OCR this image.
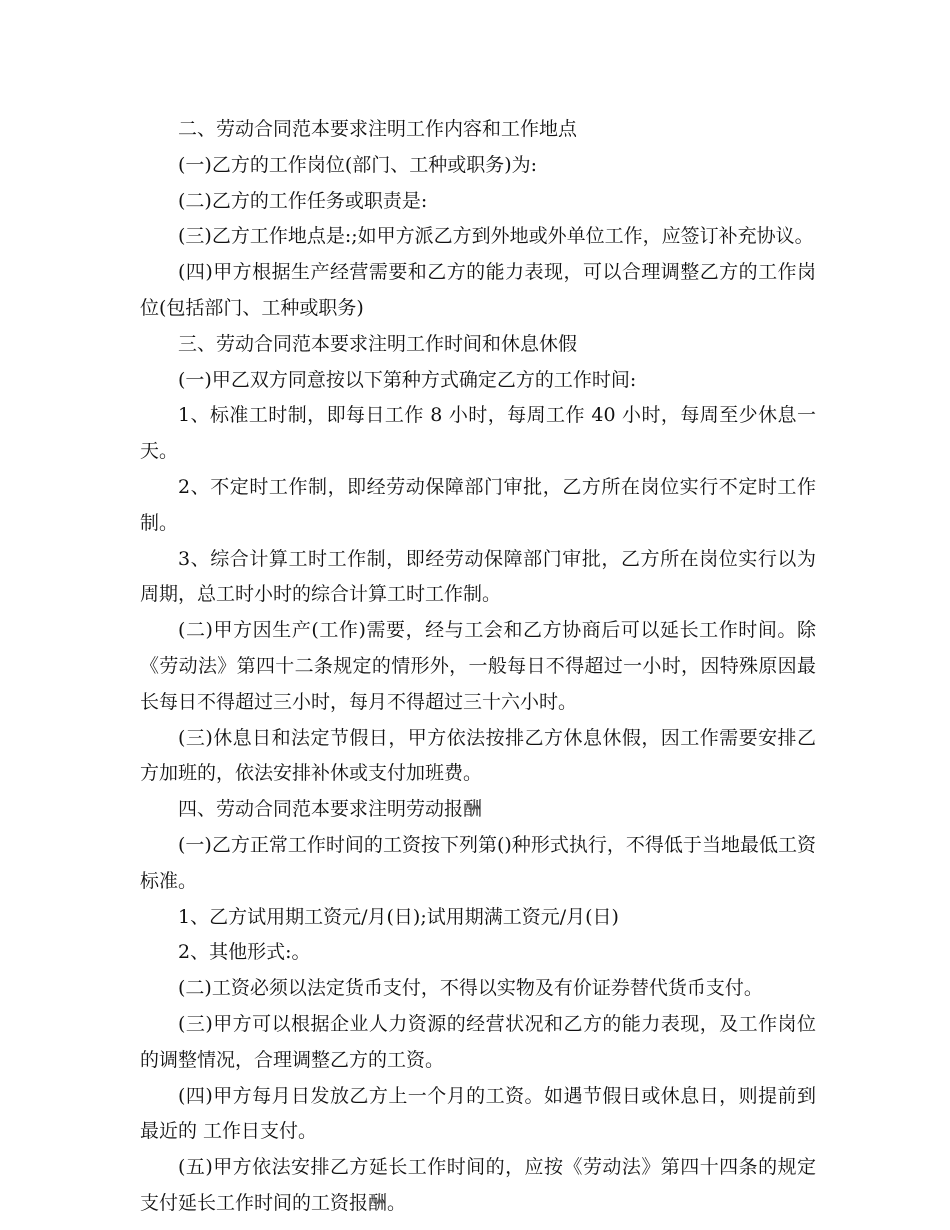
二、劳动合同范本要求注明工作内容和工作地点

(一)乙方的工作岗位(部门、工种或职务)为:

(二)乙方的工作任务或职责是:

(三)乙方工作地点是:;如甲方派乙方到外地或外单位工作，应签订补充协议。

(四)甲方根据生产经营需要和乙方的能力表现，可以合理调整乙方的工作岗位(包括部门、工种或职务)

三、劳动合同范本要求注明工作时间和休息休假

(一)甲乙双方同意按以下第种方式确定乙方的工作时间:

1、标准工时制，即每日工作 8 小时，每周工作 40 小时，每周至少休息一天。

2、不定时工作制，即经劳动保障部门审批，乙方所在岗位实行不定时工作制。

3、综合计算工时工作制，即经劳动保障部门审批，乙方所在岗位实行以为周期，总工时小时的综合计算工时工作制。

(二)甲方因生产(工作)需要，经与工会和乙方协商后可以延长工作时间。除《劳动法》第四十二条规定的情形外，一般每日不得超过一小时，因特殊原因最长每日不得超过三小时，每月不得超过三十六小时。

(三)休息日和法定节假日，甲方依法按排乙方休息休假，因工作需要安排乙方加班的，依法安排补休或支付加班费。

四、劳动合同范本要求注明劳动报酬

(一)乙方正常工作时间的工资按下列第()种形式执行，不得低于当地最低工资标准。

1、乙方试用期工资元/月(日);试用期满工资元/月(日)

2、其他形式:。

(二)工资必须以法定货币支付，不得以实物及有价证券替代货币支付。

(三)甲方可以根据企业人力资源的经营状况和乙方的能力表现，及工作岗位的调整情况，合理调整乙方的工资。

(四)甲方每月日发放乙方上一个月的工资。如遇节假日或休息日，则提前到最近的 工作日支付。

(五)甲方依法安排乙方延长工作时间的，应按《劳动法》第四十四条的规定支付延长工作时间的工资报酬。
